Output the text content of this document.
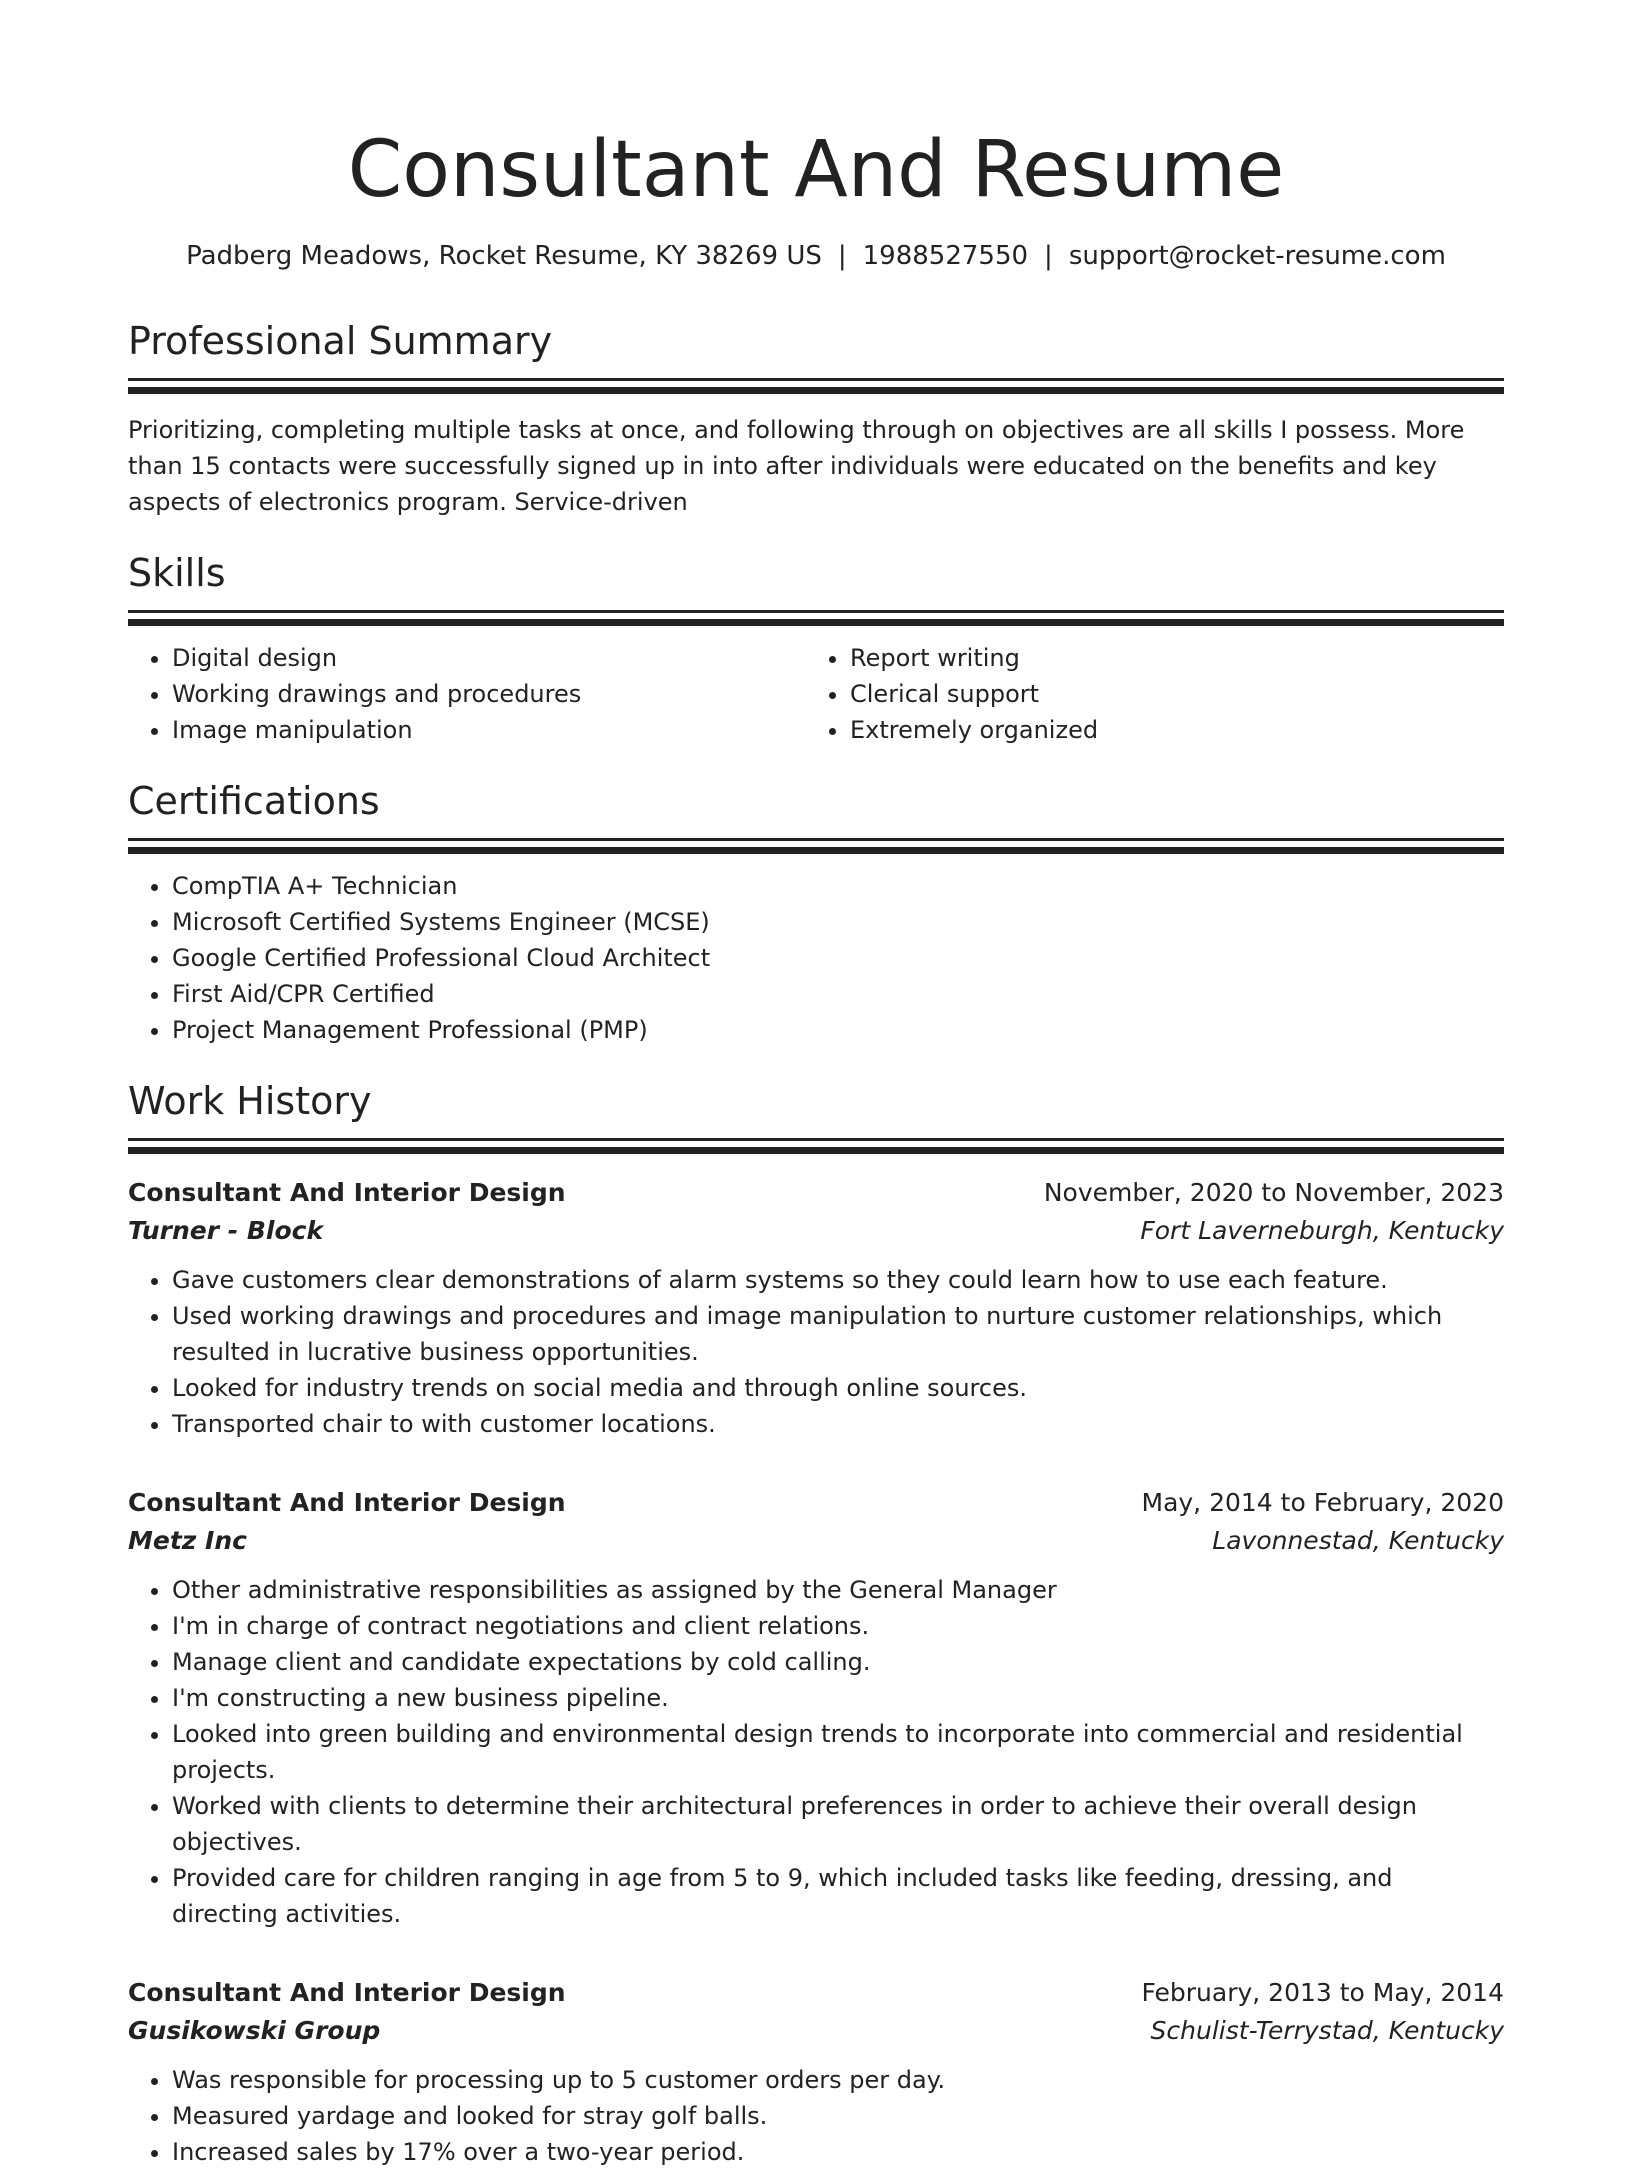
Consultant And Resume
Padberg Meadows, Rocket Resume, KY 38269 US | 1988527550 | support@rocket-resume.com
Professional Summary

Prioritizing, completing multiple tasks at once, and following through on objectives are all skills I possess. More than 15 contacts were successfully signed up in into after individuals were educated on the benefits and key aspects of electronics program. Service-driven

Skills
• Digital design
• Working drawings and procedures
• Image manipulation
• Report writing
• Clerical support
• Extremely organized
Certifications
• CompTIA A+ Technician
• Microsoft Certified Systems Engineer (MCSE)
• Google Certified Professional Cloud Architect
• First Aid/CPR Certified
• Project Management Professional (PMP)
Work History
Consultant And Interior Design	November, 2020 to November, 2023
Turner - Block	Fort Laverneburgh, Kentucky
• Gave customers clear demonstrations of alarm systems so they could learn how to use each feature.
• Used working drawings and procedures and image manipulation to nurture customer relationships, which resulted in lucrative business opportunities.
• Looked for industry trends on social media and through online sources.
• Transported chair to with customer locations.
Consultant And Interior Design	May, 2014 to February, 2020
Metz Inc	Lavonnestad, Kentucky
• Other administrative responsibilities as assigned by the General Manager
• I'm in charge of contract negotiations and client relations.
• Manage client and candidate expectations by cold calling.
• I'm constructing a new business pipeline.
• Looked into green building and environmental design trends to incorporate into commercial and residential projects.
• Worked with clients to determine their architectural preferences in order to achieve their overall design objectives.
• Provided care for children ranging in age from 5 to 9, which included tasks like feeding, dressing, and directing activities.
Consultant And Interior Design	February, 2013 to May, 2014
Gusikowski Group	Schulist-Terrystad, Kentucky
• Was responsible for processing up to 5 customer orders per day.
• Measured yardage and looked for stray golf balls.
• Increased sales by 17% over a two-year period.
